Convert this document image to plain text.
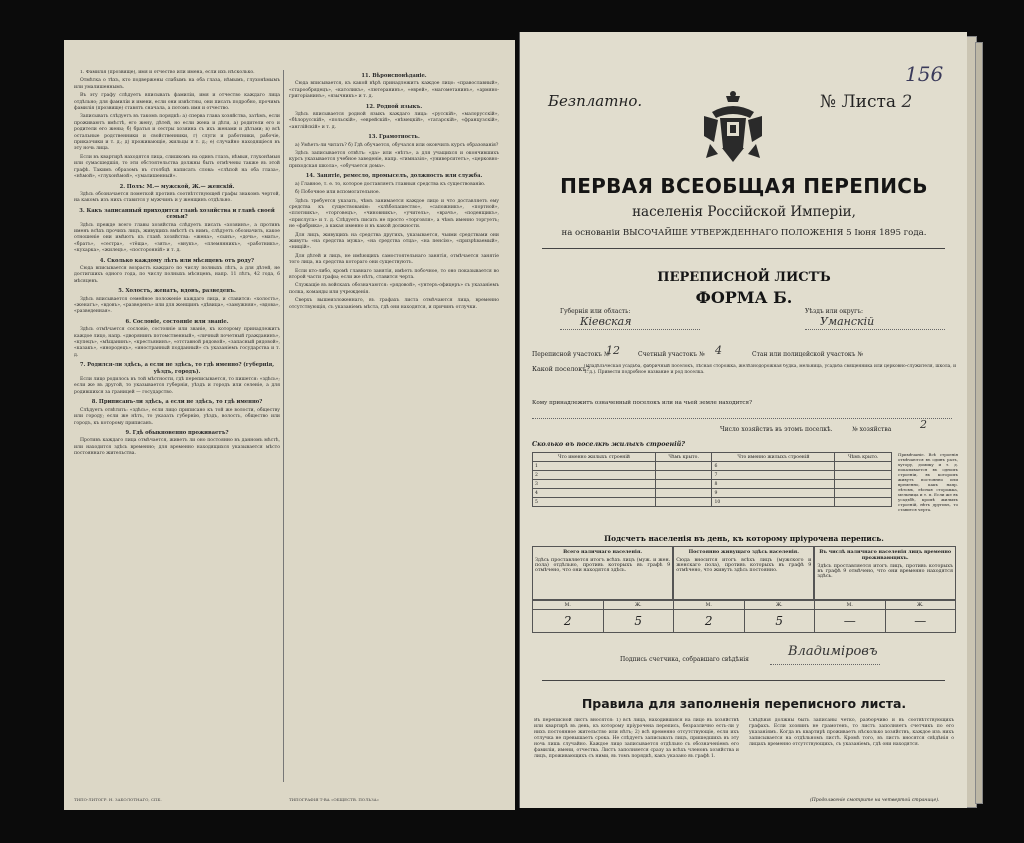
1. Фамилія (прозвище), имя и отчество или имена, если ихъ нѣсколько.

Отмѣтка о тѣхъ, кто подвержены слабымъ на оба глаза, нѣмымъ, глухонѣмымъ или умалишеннымъ.

Въ эту графу слѣдуетъ вписывать фамиліи, имя и отчество каждаго лица отдѣльно; для фамиліи и имени, если они извѣстны, они писать подробно, прочимъ фамилія (прозвище) ставятъ сначала, а потомъ имя и отчество.

Записывать слѣдуетъ въ такомъ порядкѣ: а) сперва глава хозяйства, затѣмъ, если проживаютъ вмѣстѣ, его жену, дѣтей, но если жена и дѣти, а) родители его и родители его жены; б) братья и сестры хозяина съ ихъ женами и дѣтьми; в) всѣ остальные родственники и свойственники, г) слуги и работники, рабочіе, приказчики и т. д.; д) проживающіе, жильцы и т. д.; е) случайно находящіеся въ эту ночь лица.

Если въ квартирѣ находятся лица, слишкомъ на одинъ глазъ, нѣмыя, глухонѣмыя или сумасшедшія, то эти обстоятельства должны быть отмѣчены также въ этой графѣ. Такимъ образомъ въ столбцѣ написать слова: «слѣпой на оба глаза», «нѣмой», «глухонѣмой», «умалишенный».

2. Полъ: М.— мужской, Ж.— женскій.

Здѣсь обозначается пометкой противъ соотвѣтствующей графы знакомъ чертой, на какомъ изъ нихъ ставится у мужчинъ и у женщинъ отдѣльно.

3. Какъ записанный приходится главѣ хозяйства и главѣ своей семьи?

Здѣсь прежде всего главы хозяйства слѣдуетъ писать «хозяинъ», а противъ именъ всѣхъ прочихъ лицъ, живущихъ вмѣстѣ съ нимъ, слѣдуетъ обозначить, какое отношеніе они имѣютъ къ главѣ хозяйства: «жена», «сынъ», «дочь», «мать», «братъ», «сестра», «тёща», «зять», «внукъ», «племянникъ», «работникъ», «кухарка», «жилецъ», «посторонній» и т. д.

4. Сколько каждому лѣтъ или мѣсяцевъ отъ роду?

Сюда вписывается возрастъ каждаго по числу полныхъ лѣтъ, а для дѣтей, не достигшихъ одного года, по числу полныхъ мѣсяцевъ, напр. 11 лѣтъ, 42 года, 6 мѣсяцевъ.

5. Холостъ, женатъ, вдовъ, разведенъ.

Здѣсь вписывается семейное положеніе каждаго лица, и ставится: «холостъ», «женатъ», «вдовъ», «разведенъ» или для женщинъ «дѣвица», «замужняя», «вдова», «разведенная».

6. Сословіе, состояніе или званіе.

Здѣсь отмѣчается сословіе, состояніе или званіе, къ которому принадлежитъ каждое лицо, напр. «дворянинъ потомственный», «личный почетный гражданинъ», «купецъ», «мѣщанинъ», «крестьянинъ», «отставной рядовой», «запасный рядовой», «казакъ», «инородецъ», «иностранный подданный» съ указаніемъ государства и т. д.

7. Родился-ли здѣсь, а если не здѣсь, то гдѣ именно? (губернія, уѣздъ, городъ).

Если лицо родилось въ той мѣстности, гдѣ переписывается, то пишется: «здѣсь»; если же въ другой, то указывается губернія, уѣздъ и городъ или селеніе, а для родившихся за границей — государство.

8. Приписанъ-ли здѣсь, а если не здѣсь, то гдѣ именно?

Слѣдуетъ отвѣтить: «здѣсь», если лицо приписано къ той же волости, обществу или городу; если же нѣтъ, то указать губернію, уѣздъ, волость, общество или городъ, къ которому приписанъ.

9. Гдѣ обыкновенно проживаетъ?

Противъ каждаго лица отмѣчается, живетъ ли оно постоянно въ данномъ мѣстѣ, или находится здѣсь временно; для временно находящихся указывается мѣсто постояннаго жительства.

11. Вѣроисповѣданіе.

Сюда вписывается, къ какой вѣрѣ принадлежитъ каждое лицо: «православный», «старообрядецъ», «католикъ», «лютеранинъ», «еврей», «магометанинъ», «армяно-григоріанинъ», «язычникъ» и т. д.

12. Родной языкъ.

Здѣсь вписывается родной языкъ каждаго лица: «русскій», «малорусскій», «бѣлорусскій», «польскій», «еврейскій», «нѣмецкій», «татарскій», «французскій», «англійскій» и т. д.

13. Грамотность.

а) Умѣетъ-ли читать? б) Гдѣ обучается, обучался или окончилъ курсъ образованія?

Здѣсь записывается отвѣтъ: «да» или «нѣтъ», а для учащихся и окончившихъ курсъ указывается учебное заведеніе, напр. «гимназія», «университетъ», «церковно-приходская школа», «обучается дома».

14. Занятіе, ремесло, промыселъ, должность или служба.

а) Главное, т. е. то, которое доставляетъ главныя средства къ существованію.

б) Побочное или вспомогательное.

Здѣсь требуется указать, чѣмъ занимается каждое лицо и что доставляетъ ему средства къ существованію: «хлѣбопашество», «сапожникъ», «портной», «плотникъ», «торговецъ», «чиновникъ», «учитель», «врачъ», «поденщикъ», «прислуга» и т. д. Слѣдуетъ писать не просто «торговля», а чѣмъ именно торгуетъ; не «фабрика», а какая именно и въ какой должности.

Для лицъ, живущихъ на средства другихъ, указывается, чьими средствами они живутъ: «на средства мужа», «на средства отца», «на пенсію», «призрѣваемый», «нищій».

Для дѣтей и лицъ, не имѣющихъ самостоятельнаго занятія, отмѣчается занятіе того лица, на средства котораго они существуютъ.

Если кто-либо, кромѣ главнаго занятія, имѣетъ побочное, то оно показывается во второй части графы; если же нѣтъ, ставится черта.

Служащіе въ войскахъ обозначаются: «рядовой», «унтеръ-офицеръ» съ указаніемъ полка, команды или учрежденія.

Сверхъ вышеизложеннаго, въ графахъ листа отмѣчаются лица, временно отсутствующія, съ указаніемъ мѣста, гдѣ они находятся, и причинъ отлучки.

ТИПО-ЛИТОГР. Н. ЗАБОЛОТНАГО, СПБ.	ТИПОГРАФІЯ Т-ВА «ОБЩЕСТВ. ПОЛЬЗА»
156
Безплатно.	№ Листа 2
ПЕРВАЯ ВСЕОБЩАЯ ПЕРЕПИСЬ
населенія Россійской Имперіи,
на основаніи ВЫСОЧАЙШЕ УТВЕРЖДЕННАГО ПОЛОЖЕНІЯ 5 Іюня 1895 года.
ПЕРЕПИСНОЙ ЛИСТЪ
ФОРМА Б.
Губернія или область:
Кіевская
Уѣздъ или округъ:
Уманскій
Переписной участокъ №
12	Счетный участокъ № 4	Стан или полицейской участокъ №
Какой поселокъ?
(Владѣльческая усадьба, фабричный поселокъ, лѣсная сторожка, желѣзнодорожная будка, мельница, усадьба священника или церковно-служителя, школа, и т. д.). Привести подробное название и род поселка.
Кому принадлежитъ означенный поселокъ или на чьей земле находится?
Число хозяйствъ въ этомъ поселкѣ.	№ хозяйства	2
Сколько въ поселкѣ жилыхъ строеній?
Что именно жилыхъ строеній	Чѣмъ крыто.	Что именно жилыхъ строеній	Чѣмъ крыто.
1		6	
2		7	
3		8	
4		9	
5		10	
Примѣчаніе. Всѣ строенія отмѣчаются въ одинъ разъ, хутору, домику и т. д. показывается въ одномъ строеніи, въ которомъ живутъ постоянно или временно, какъ напр. лѣтомъ, лѣсная сторожка, мельница и т. п. Если же въ усадьбѣ, кромѣ жилыхъ строеній, нѣтъ другихъ, то ставится черта.
Подсчетъ населенія въ день, къ которому пріурочена перепись.
Всего наличнаго населенія.
Здѣсь проставляется итогъ всѣхъ лицъ (муж. и жен. пола) отдѣльно, противъ которыхъ въ графѣ 9 отмѣчено, что они находятся здѣсь.
Постоянно живущаго здѣсь населенія.
Сюда вносится итогъ всѣхъ лицъ (мужского и женскаго пола), противъ которыхъ въ графѣ 9 отмѣчено, что живутъ здѣсь постоянно.
Въ числѣ наличнаго населенія лицъ временно проживающихъ.
Здѣсь проставляется итогъ лицъ, противъ которыхъ въ графѣ 9 отмѣчено, что они временно находятся здѣсь.
М.	Ж.	М.	Ж.	М.	Ж.
2	5	2	5	—	—
Подпись счетчика, собравшаго свѣдѣнія
Владиміровъ
Правила для заполненія переписного листа.
Въ переписной листъ вносятся: 1) всѣ лица, находившіяся на лицо въ хозяйствѣ или квартирѣ въ день, къ которому пріурочена перепись, безразлично есть-ли у нихъ постоянное жительство или нѣтъ; 2) всѣ временно отсутствующіе, если ихъ отлучка не превышаетъ срока. Не слѣдуетъ записывать лицъ, пришедшихъ въ эту ночь лишь случайно. Каждое лицо записывается отдѣльно съ обозначеніемъ его фамиліи, имени, отчества. Листъ заполняется сразу за всѣхъ членовъ хозяйства и лицъ, проживающихъ съ ними, въ томъ порядкѣ, какъ указано въ графѣ 1.
Свѣдѣнія должны быть записаны четко, разборчиво и въ соотвѣтствующихъ графахъ. Если хозяинъ не грамотенъ, то листъ заполняетъ счетчикъ по его указаніямъ. Когда въ квартирѣ проживаетъ нѣсколько хозяйствъ, каждое изъ нихъ записывается на отдѣльномъ листѣ. Кромѣ того, въ листъ вносятся свѣдѣнія о лицахъ временно отсутствующихъ, съ указаніемъ, гдѣ они находятся.
(Продолженіе смотрите на четвертой странице).
